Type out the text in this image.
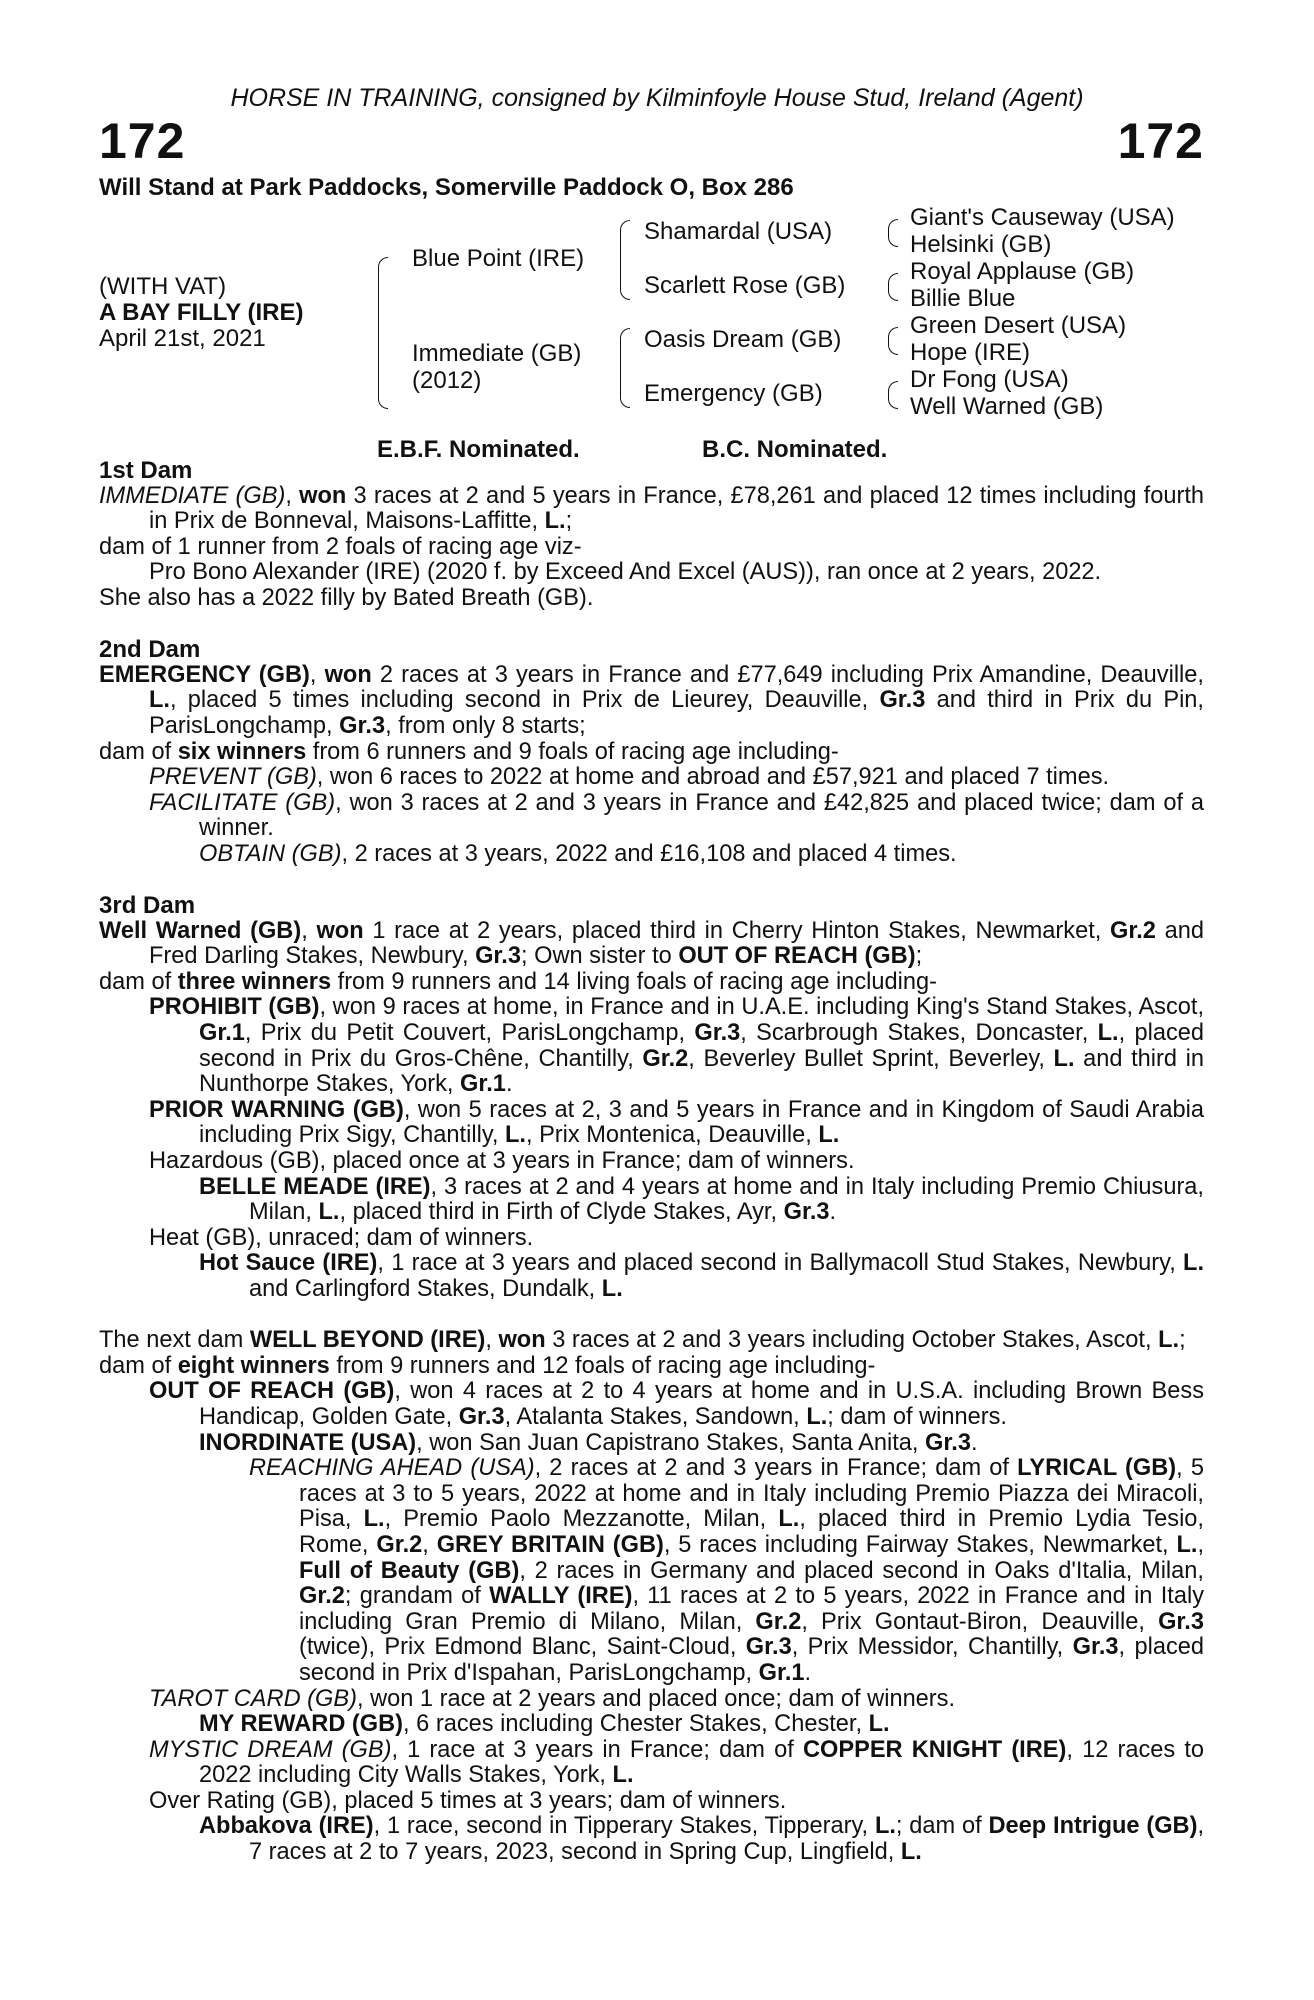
HORSE IN TRAINING, consigned by Kilminfoyle House Stud, Ireland (Agent)
172	172
Will Stand at Park Paddocks, Somerville Paddock O, Box 286
(WITH VAT)
A BAY FILLY (IRE)
April 21st, 2021
Blue Point (IRE)
Immediate (GB)
(2012)
Shamardal (USA)
Scarlett Rose (GB)
Oasis Dream (GB)
Emergency (GB)
Giant's Causeway (USA)
Helsinki (GB)
Royal Applause (GB)
Billie Blue
Green Desert (USA)
Hope (IRE)
Dr Fong (USA)
Well Warned (GB)
E.B.F. Nominated.	B.C. Nominated.

1st Dam

IMMEDIATE (GB), won 3 races at 2 and 5 years in France, £78,261 and placed 12 times including fourth in Prix de Bonneval, Maisons-Laffitte, L.;

dam of 1 runner from 2 foals of racing age viz-

Pro Bono Alexander (IRE) (2020 f. by Exceed And Excel (AUS)), ran once at 2 years, 2022.

She also has a 2022 filly by Bated Breath (GB).

2nd Dam

EMERGENCY (GB), won 2 races at 3 years in France and £77,649 including Prix Amandine, Deauville, L., placed 5 times including second in Prix de Lieurey, Deauville, Gr.3 and third in Prix du Pin, ParisLongchamp, Gr.3, from only 8 starts;

dam of six winners from 6 runners and 9 foals of racing age including-

PREVENT (GB), won 6 races to 2022 at home and abroad and £57,921 and placed 7 times.

FACILITATE (GB), won 3 races at 2 and 3 years in France and £42,825 and placed twice; dam of a winner.

OBTAIN (GB), 2 races at 3 years, 2022 and £16,108 and placed 4 times.

3rd Dam

Well Warned (GB), won 1 race at 2 years, placed third in Cherry Hinton Stakes, Newmarket, Gr.2 and Fred Darling Stakes, Newbury, Gr.3; Own sister to OUT OF REACH (GB);

dam of three winners from 9 runners and 14 living foals of racing age including-

PROHIBIT (GB), won 9 races at home, in France and in U.A.E. including King's Stand Stakes, Ascot, Gr.1, Prix du Petit Couvert, ParisLongchamp, Gr.3, Scarbrough Stakes, Doncaster, L., placed second in Prix du Gros-Chêne, Chantilly, Gr.2, Beverley Bullet Sprint, Beverley, L. and third in Nunthorpe Stakes, York, Gr.1.

PRIOR WARNING (GB), won 5 races at 2, 3 and 5 years in France and in Kingdom of Saudi Arabia including Prix Sigy, Chantilly, L., Prix Montenica, Deauville, L.

Hazardous (GB), placed once at 3 years in France; dam of winners.

BELLE MEADE (IRE), 3 races at 2 and 4 years at home and in Italy including Premio Chiusura, Milan, L., placed third in Firth of Clyde Stakes, Ayr, Gr.3.

Heat (GB), unraced; dam of winners.

Hot Sauce (IRE), 1 race at 3 years and placed second in Ballymacoll Stud Stakes, Newbury, L. and Carlingford Stakes, Dundalk, L.

The next dam WELL BEYOND (IRE), won 3 races at 2 and 3 years including October Stakes, Ascot, L.;

dam of eight winners from 9 runners and 12 foals of racing age including-

OUT OF REACH (GB), won 4 races at 2 to 4 years at home and in U.S.A. including Brown Bess Handicap, Golden Gate, Gr.3, Atalanta Stakes, Sandown, L.; dam of winners.

INORDINATE (USA), won San Juan Capistrano Stakes, Santa Anita, Gr.3.

REACHING AHEAD (USA), 2 races at 2 and 3 years in France; dam of LYRICAL (GB), 5 races at 3 to 5 years, 2022 at home and in Italy including Premio Piazza dei Miracoli, Pisa, L., Premio Paolo Mezzanotte, Milan, L., placed third in Premio Lydia Tesio, Rome, Gr.2, GREY BRITAIN (GB), 5 races including Fairway Stakes, Newmarket, L., Full of Beauty (GB), 2 races in Germany and placed second in Oaks d'Italia, Milan, Gr.2; grandam of WALLY (IRE), 11 races at 2 to 5 years, 2022 in France and in Italy including Gran Premio di Milano, Milan, Gr.2, Prix Gontaut-Biron, Deauville, Gr.3 (twice), Prix Edmond Blanc, Saint-Cloud, Gr.3, Prix Messidor, Chantilly, Gr.3, placed second in Prix d'Ispahan, ParisLongchamp, Gr.1.

TAROT CARD (GB), won 1 race at 2 years and placed once; dam of winners.

MY REWARD (GB), 6 races including Chester Stakes, Chester, L.

MYSTIC DREAM (GB), 1 race at 3 years in France; dam of COPPER KNIGHT (IRE), 12 races to 2022 including City Walls Stakes, York, L.

Over Rating (GB), placed 5 times at 3 years; dam of winners.

Abbakova (IRE), 1 race, second in Tipperary Stakes, Tipperary, L.; dam of Deep Intrigue (GB), 7 races at 2 to 7 years, 2023, second in Spring Cup, Lingfield, L.
